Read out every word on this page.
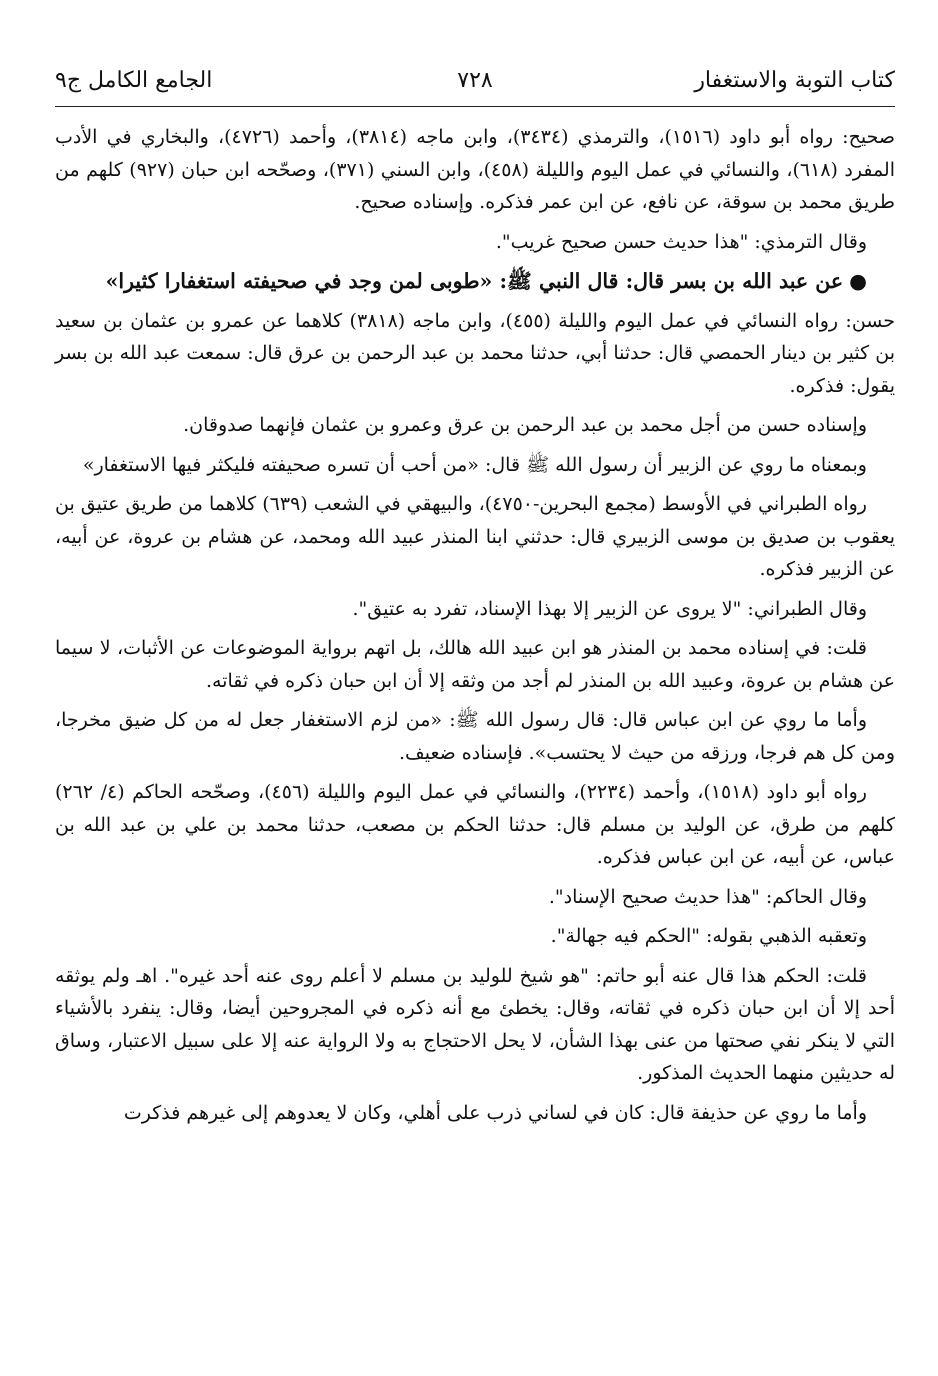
كتاب التوبة والاستغفار
٧٢٨
الجامع الكامل ج٩

صحيح: رواه أبو داود (١٥١٦)، والترمذي (٣٤٣٤)، وابن ماجه (٣٨١٤)، وأحمد (٤٧٢٦)، والبخاري في الأدب المفرد (٦١٨)، والنسائي في عمل اليوم والليلة (٤٥٨)، وابن السني (٣٧١)، وصحّحه ابن حبان (٩٢٧) كلهم من طريق محمد بن سوقة، عن نافع، عن ابن عمر فذكره. وإسناده صحيح.

وقال الترمذي: "هذا حديث حسن صحيح غريب".

●عن عبد الله بن بسر قال: قال النبي ﷺ: «طوبى لمن وجد في صحيفته استغفارا كثيرا»

حسن: رواه النسائي في عمل اليوم والليلة (٤٥٥)، وابن ماجه (٣٨١٨) كلاهما عن عمرو بن عثمان بن سعيد بن كثير بن دينار الحمصي قال: حدثنا أبي، حدثنا محمد بن عبد الرحمن بن عرق قال: سمعت عبد الله بن بسر يقول: فذكره.

وإسناده حسن من أجل محمد بن عبد الرحمن بن عرق وعمرو بن عثمان فإنهما صدوقان.

وبمعناه ما روي عن الزبير أن رسول الله ﷺ قال: «من أحب أن تسره صحيفته فليكثر فيها الاستغفار»

رواه الطبراني في الأوسط (مجمع البحرين-٤٧٥٠)، والبيهقي في الشعب (٦٣٩) كلاهما من طريق عتيق بن يعقوب بن صديق بن موسى الزبيري قال: حدثني ابنا المنذر عبيد الله ومحمد، عن هشام بن عروة، عن أبيه، عن الزبير فذكره.

وقال الطبراني: "لا يروى عن الزبير إلا بهذا الإسناد، تفرد به عتيق".

قلت: في إسناده محمد بن المنذر هو ابن عبيد الله هالك، بل اتهم برواية الموضوعات عن الأثبات، لا سيما عن هشام بن عروة، وعبيد الله بن المنذر لم أجد من وثقه إلا أن ابن حبان ذكره في ثقاته.

وأما ما روي عن ابن عباس قال: قال رسول الله ﷺ: «من لزم الاستغفار جعل له من كل ضيق مخرجا، ومن كل هم فرجا، ورزقه من حيث لا يحتسب». فإسناده ضعيف.

رواه أبو داود (١٥١٨)، وأحمد (٢٢٣٤)، والنسائي في عمل اليوم والليلة (٤٥٦)، وصحّحه الحاكم (٤/ ٢٦٢) كلهم من طرق، عن الوليد بن مسلم قال: حدثنا الحكم بن مصعب، حدثنا محمد بن علي بن عبد الله بن عباس، عن أبيه، عن ابن عباس فذكره.

وقال الحاكم: "هذا حديث صحيح الإسناد".

وتعقبه الذهبي بقوله: "الحكم فيه جهالة".

قلت: الحكم هذا قال عنه أبو حاتم: "هو شيخ للوليد بن مسلم لا أعلم روى عنه أحد غيره". اهـ ولم يوثقه أحد إلا أن ابن حبان ذكره في ثقاته، وقال: يخطئ مع أنه ذكره في المجروحين أيضا، وقال: ينفرد بالأشياء التي لا ينكر نفي صحتها من عنى بهذا الشأن، لا يحل الاحتجاج به ولا الرواية عنه إلا على سبيل الاعتبار، وساق له حديثين منهما الحديث المذكور.

وأما ما روي عن حذيفة قال: كان في لساني ذرب على أهلي، وكان لا يعدوهم إلى غيرهم فذكرت
